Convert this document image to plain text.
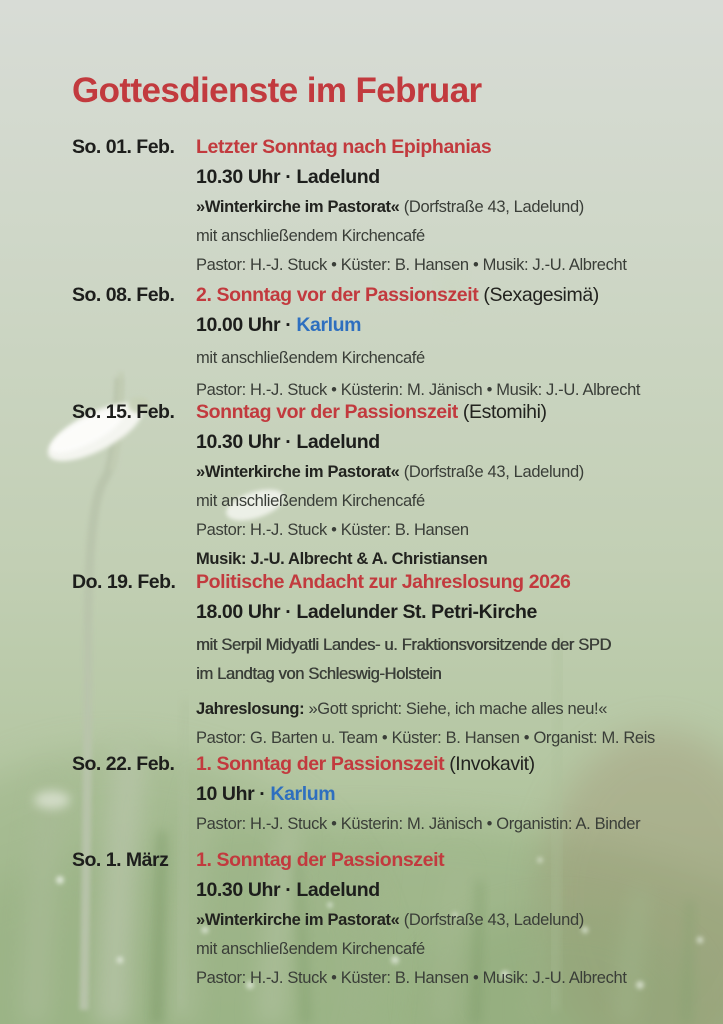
Gottesdienste im Februar
So. 01. Feb.	Letzter Sonntag nach Epiphanias
10.30 Uhr · Ladelund
»Winterkirche im Pastorat« (Dorfstraße 43, Ladelund)
mit anschließendem Kirchencafé
Pastor: H.-J. Stuck • Küster: B. Hansen • Musik: J.-U. Albrecht
So. 08. Feb.	2. Sonntag vor der Passionszeit (Sexagesimä)
10.00 Uhr · Karlum
mit anschließendem Kirchencafé
Pastor: H.-J. Stuck • Küsterin: M. Jänisch • Musik: J.-U. Albrecht
So. 15. Feb.	Sonntag vor der Passionszeit (Estomihi)
10.30 Uhr · Ladelund
»Winterkirche im Pastorat« (Dorfstraße 43, Ladelund)
mit anschließendem Kirchencafé
Pastor: H.-J. Stuck • Küster: B. Hansen
Musik: J.-U. Albrecht & A. Christiansen
Do. 19. Feb.	Politische Andacht zur Jahreslosung 2026
18.00 Uhr · Ladelunder St. Petri-Kirche
mit Serpil Midyatli Landes- u. Fraktionsvorsitzende der SPD
im Landtag von Schleswig-Holstein
Jahreslosung: »Gott spricht: Siehe, ich mache alles neu!«
Pastor: G. Barten u. Team • Küster: B. Hansen • Organist: M. Reis
So. 22. Feb.	1. Sonntag der Passionszeit (Invokavit)
10 Uhr · Karlum
Pastor: H.-J. Stuck • Küsterin: M. Jänisch • Organistin: A. Binder
So. 1. März	1. Sonntag der Passionszeit
10.30 Uhr · Ladelund
»Winterkirche im Pastorat« (Dorfstraße 43, Ladelund)
mit anschließendem Kirchencafé
Pastor: H.-J. Stuck • Küster: B. Hansen • Musik: J.-U. Albrecht
